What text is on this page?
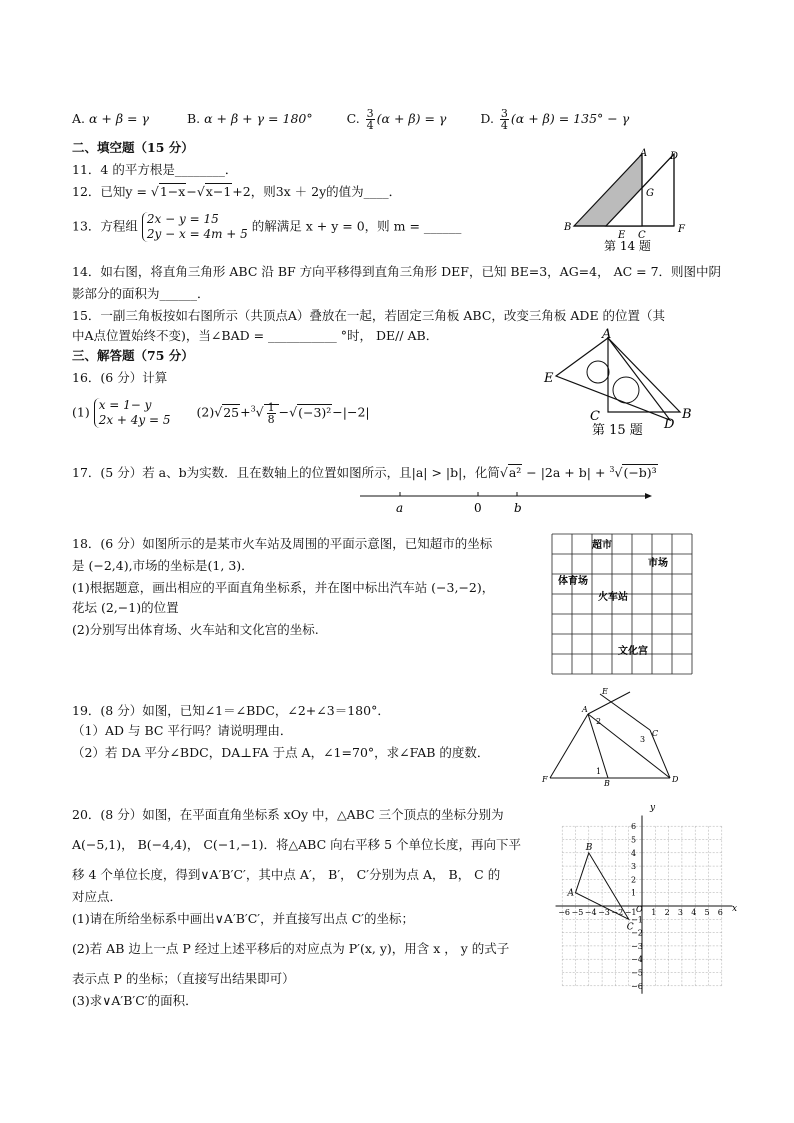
A. α + β = γ	B. α + β + γ = 180°	C. $\frac{3}{4} (\alpha + \beta) = \gamma$	D. $\frac{3}{4} (\alpha + \beta) = 135^\circ - \gamma$
二、填空题（15 分）
11．4 的平方根是________．
12．已知y = √1−x−√x−1+2，则3x ＋ 2y的值为____．
13．方程组 2x − y = 15
2y − x = 4m + 5
的解满足 x + y = 0，则 m = ______
14．如右图，将直角三角形 ABC 沿 BF 方向平移得到直角三角形 DEF，已知 BE=3，AG=4， AC = 7．则图中阴
影部分的面积为______．
15．一副三角板按如右图所示（共顶点A）叠放在一起，若固定三角板 ABC，改变三角板 ADE 的位置（其
中A点位置始终不变)，当∠BAD = ___________ °时， DE// AB．
三、解答题（75 分）
16．(6 分）计算
(1) x = 1− y
2x + 4y = 5
$(2)√25+^3√ \frac{1}{8} -√(-3)^2-|-2|$
17．(5 分）若 a、b为实数．且在数轴上的位置如图所示，且|a| > |b|，化简√a² − |2a + b| + $^3$√(−b)³
a	0	b
18．(6 分）如图所示的是某市火车站及周围的平面示意图，已知超市的坐标
是 (−2,4),市场的坐标是(1, 3)．
(1)根据题意，画出相应的平面直角坐标系，并在图中标出汽车站 (−3,−2)，
花坛 (2,−1)的位置
(2)分别写出体育场、火车站和文化宫的坐标.
超市
市场
体育场
火车站
文化宫
19．(8 分）如图，已知∠1＝∠BDC，∠2+∠3＝180°．
（1）AD 与 BC 平行吗？请说明理由．
（2）若 DA 平分∠BDC，DA⊥FA 于点 A，∠1=70°，求∠FAB 的度数．
20．(8 分）如图，在平面直角坐标系 xOy 中，△ABC 三个顶点的坐标分别为
A(−5,1)， B(−4,4)， C(−1,−1)．将△ABC 向右平移 5 个单位长度，再向下平
移 4 个单位长度，得到∨A′B′C′，其中点 A′， B′， C′分别为点 A， B， C 的
对应点．
(1)请在所给坐标系中画出∨A′B′C′，并直接写出点 C′的坐标；
(2)若 AB 边上一点 P 经过上述平移后的对应点为 P′(x, y)，用含 x ， y 的式子
表示点 P 的坐标；（直接写出结果即可）
(3)求∨A′B′C′的面积．
A
B
C
D
E
F
G
第 14 题
A
B
C
D
E
第 15 题
A
B
C
D
E
F
1
2
3
−6 −5 −4 −3 −2 −1 1 2 3 4 5 6
6
5
4
3
2
1
−1
−2
−3
−4
−5
−6
x
y
O
A
B
C
